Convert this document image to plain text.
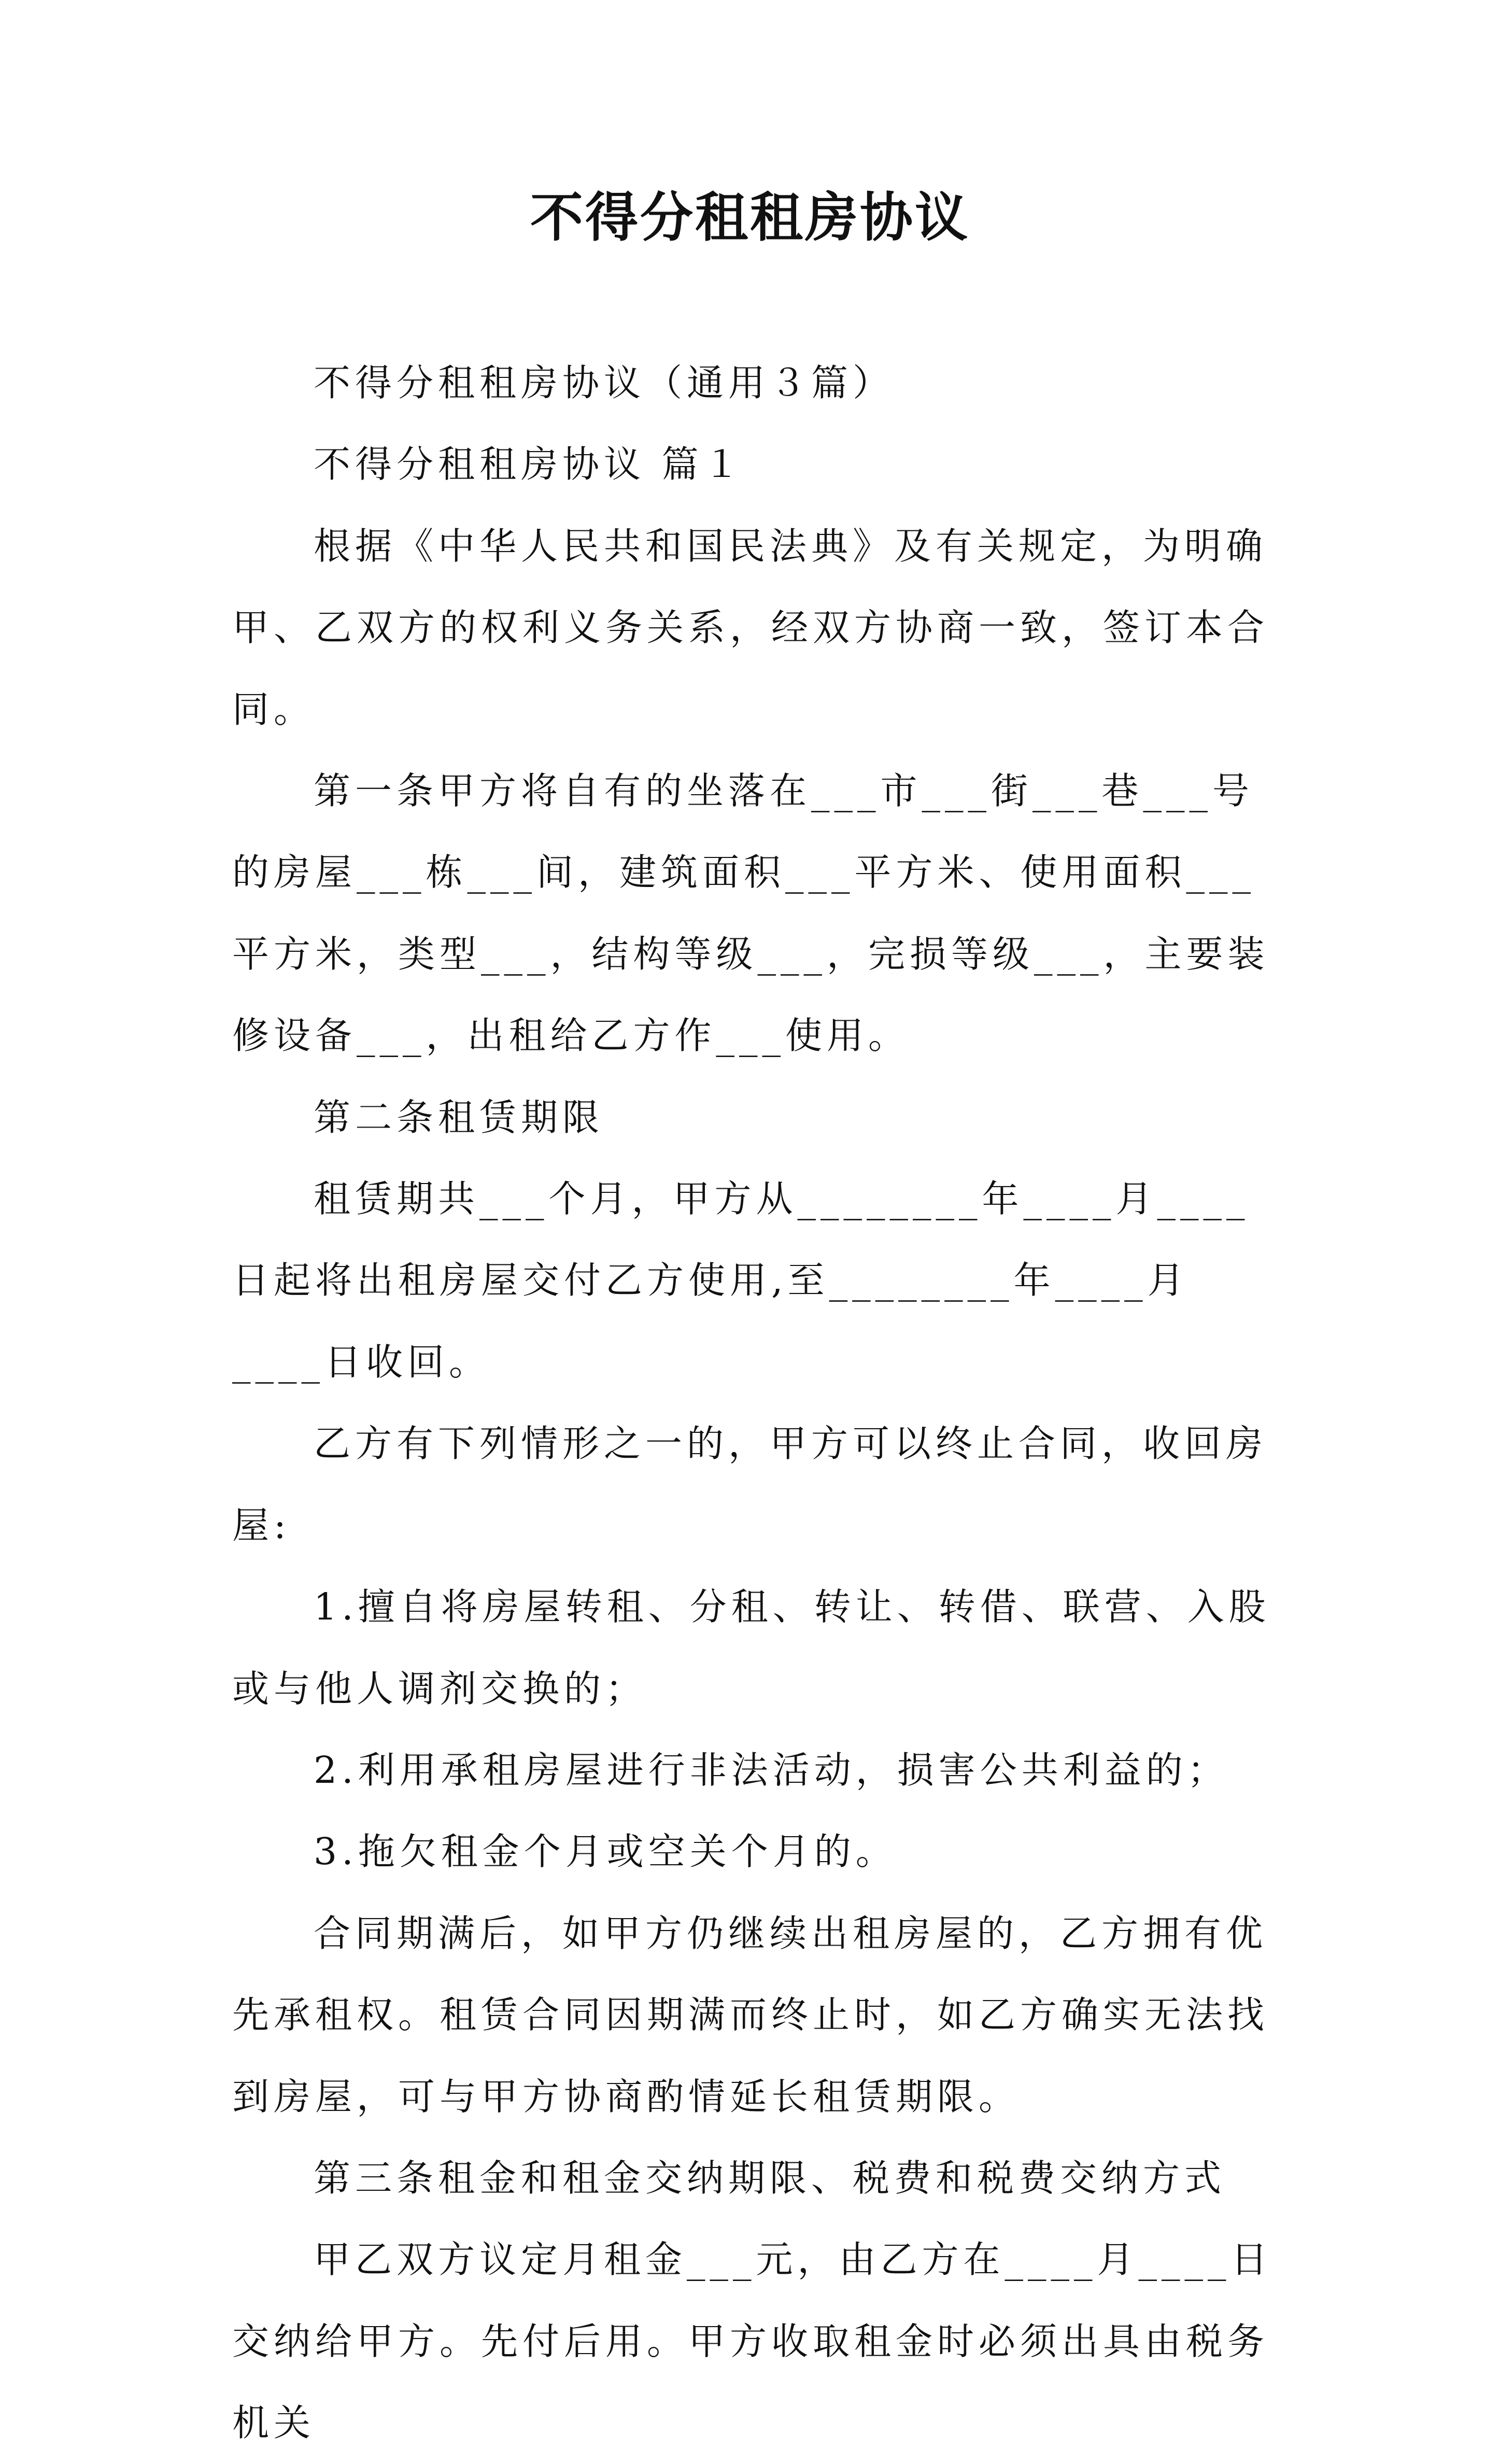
不得分租租房协议

不得分租租房协议（通用３篇）

不得分租租房协议 篇１

根据《中华人民共和国民法典》及有关规定，为明确甲、乙双方的权利义务关系，经双方协商一致，签订本合同。

第一条甲方将自有的坐落在___市___街___巷___号的房屋___栋___间，建筑面积___平方米、使用面积___平方米，类型___，结构等级___，完损等级___，主要装修设备___，出租给乙方作___使用。

第二条租赁期限

租赁期共___个月，甲方从________年____月____日起将出租房屋交付乙方使用,至________年____月____日收回。

乙方有下列情形之一的，甲方可以终止合同，收回房屋:

1.擅自将房屋转租、分租、转让、转借、联营、入股或与他人调剂交换的；

2.利用承租房屋进行非法活动，损害公共利益的；

3.拖欠租金个月或空关个月的。

合同期满后，如甲方仍继续出租房屋的，乙方拥有优先承租权。租赁合同因期满而终止时，如乙方确实无法找到房屋，可与甲方协商酌情延长租赁期限。

第三条租金和租金交纳期限、税费和税费交纳方式

甲乙双方议定月租金___元，由乙方在____月____日交纳给甲方。先付后用。甲方收取租金时必须出具由税务机关
